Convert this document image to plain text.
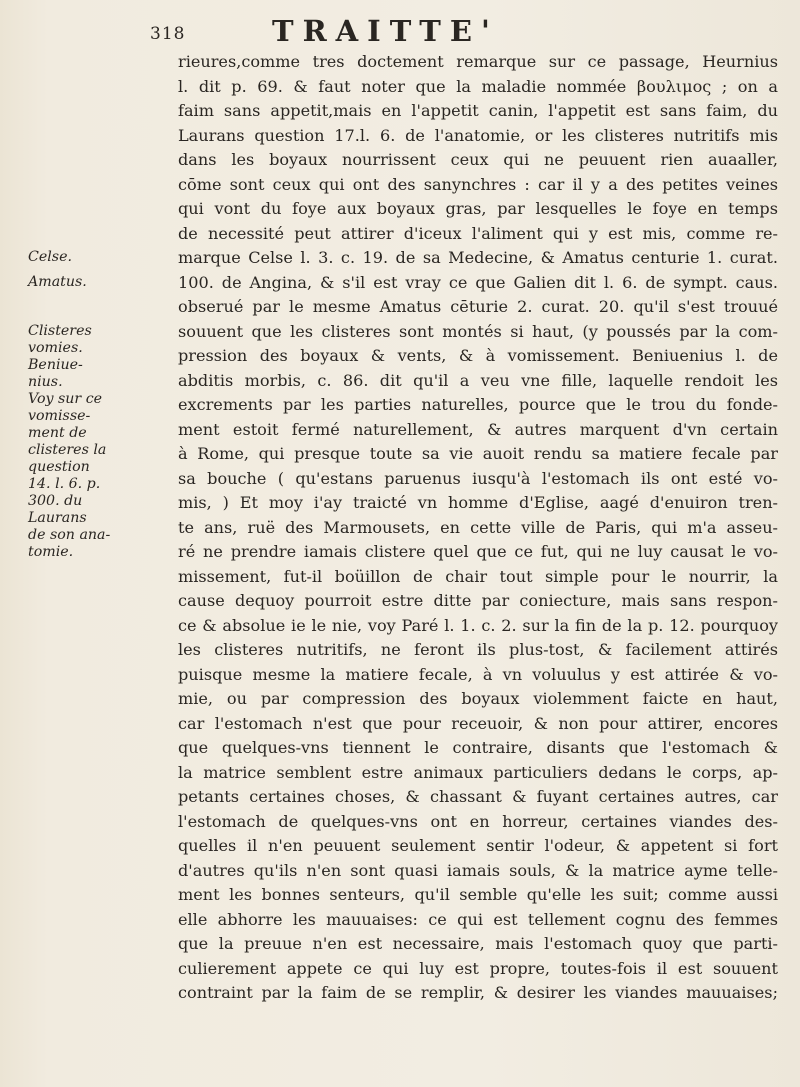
318	TRAITTE'
rieures,comme tres doctement remarque sur ce passage, Heurnius
l. dit p. 69. & faut noter que la maladie nommée βουλιμος ; on a
faim sans appetit,mais en l'appetit canin, l'appetit est sans faim, du
Laurans question 17.l. 6. de l'anatomie, or les clisteres nutritifs mis
dans les boyaux nourrissent ceux qui ne peuuent rien auaaller,
cōme sont ceux qui ont des sanynchres : car il y a des petites veines
qui vont du foye aux boyaux gras, par lesquelles le foye en temps
de necessité peut attirer d'iceux l'aliment qui y est mis, comme re-
marque Celse l. 3. c. 19. de sa Medecine, & Amatus centurie 1. curat.
100. de Angina, & s'il est vray ce que Galien dit l. 6. de sympt. caus.
obserué par le mesme Amatus cēturie 2. curat. 20. qu'il s'est trouué
souuent que les clisteres sont montés si haut, (y poussés par la com-
pression des boyaux & vents, & à vomissement. Beniuenius l. de
abditis morbis, c. 86. dit qu'il a veu vne fille, laquelle rendoit les
excrements par les parties naturelles, pource que le trou du fonde-
ment estoit fermé naturellement, & autres marquent d'vn certain
à Rome, qui presque toute sa vie auoit rendu sa matiere fecale par
sa bouche ( qu'estans paruenus iusqu'à l'estomach ils ont esté vo-
mis, ) Et moy i'ay traicté vn homme d'Eglise, aagé d'enuiron tren-
te ans, ruë des Marmousets, en cette ville de Paris, qui m'a asseu-
ré ne prendre iamais clistere quel que ce fut, qui ne luy causat le vo-
missement, fut-il boüillon de chair tout simple pour le nourrir, la
cause dequoy pourroit estre ditte par coniecture, mais sans respon-
ce & absolue ie le nie, voy Paré l. 1. c. 2. sur la fin de la p. 12. pourquoy
les clisteres nutritifs, ne feront ils plus-tost, & facilement attirés
puisque mesme la matiere fecale, à vn voluulus y est attirée & vo-
mie, ou par compression des boyaux violemment faicte en haut,
car l'estomach n'est que pour receuoir, & non pour attirer, encores
que quelques-vns tiennent le contraire, disants que l'estomach &
la matrice semblent estre animaux particuliers dedans le corps, ap-
petants certaines choses, & chassant & fuyant certaines autres, car
l'estomach de quelques-vns ont en horreur, certaines viandes des-
quelles il n'en peuuent seulement sentir l'odeur, & appetent si fort
d'autres qu'ils n'en sont quasi iamais souls, & la matrice ayme telle-
ment les bonnes senteurs, qu'il semble qu'elle les suit; comme aussi
elle abhorre les mauuaises: ce qui est tellement cognu des femmes
que la preuue n'en est necessaire, mais l'estomach quoy que parti-
culierement appete ce qui luy est propre, toutes-fois il est souuent
contraint par la faim de se remplir, & desirer les viandes mauuaises;
Celse.
Amatus.
Clisteres
vomies.
Beniue-
nius.
Voy sur ce
vomisse-
ment de
clisteres la
question
14. l. 6. p.
300. du
Laurans
de son ana-
tomie.
